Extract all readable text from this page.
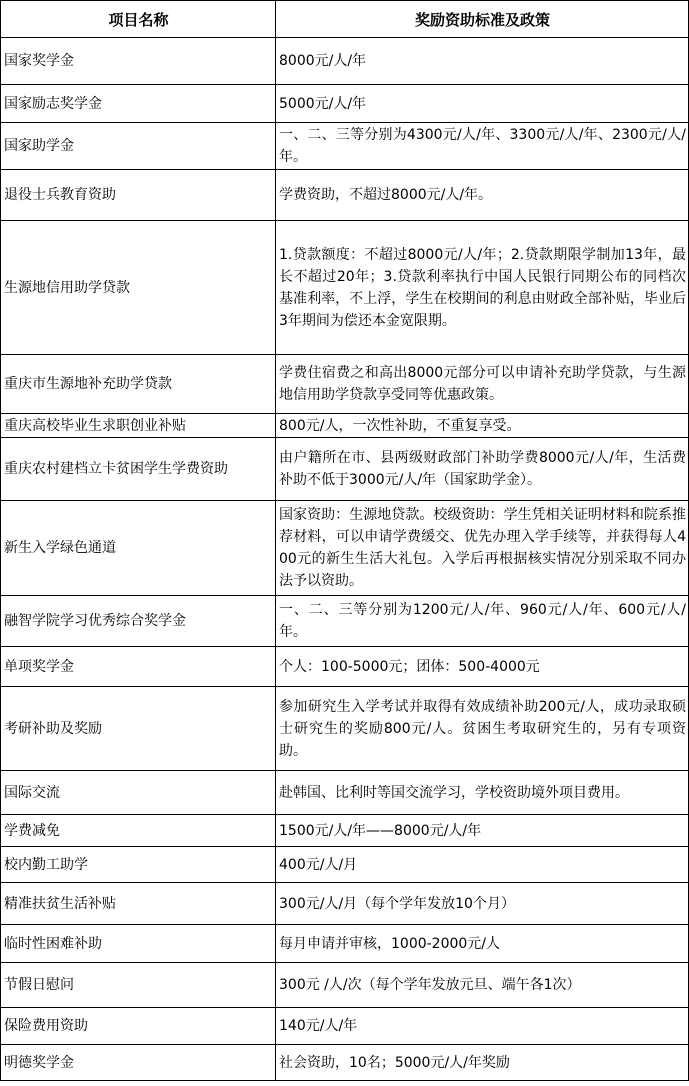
项目名称	奖励资助标准及政策
国家奖学金	8000元/人/年
国家励志奖学金	5000元/人/年
国家助学金	一、二、三等分别为4300元/人/年、3300元/人/年、2300元/人/年。
退役士兵教育资助	学费资助，不超过8000元/人/年。
生源地信用助学贷款	1.贷款额度：不超过8000元/人/年；2.贷款期限学制加13年，最长不超过20年；3.贷款利率执行中国人民银行同期公布的同档次基准利率，不上浮，学生在校期间的利息由财政全部补贴，毕业后3年期间为偿还本金宽限期。
重庆市生源地补充助学贷款	学费住宿费之和高出8000元部分可以申请补充助学贷款，与生源地信用助学贷款享受同等优惠政策。
重庆高校毕业生求职创业补贴	800元/人，一次性补助，不重复享受。
重庆农村建档立卡贫困学生学费资助	由户籍所在市、县两级财政部门补助学费8000元/人/年，生活费补助不低于3000元/人/年（国家助学金）。
新生入学绿色通道	国家资助：生源地贷款。校级资助：学生凭相关证明材料和院系推荐材料，可以申请学费缓交、优先办理入学手续等，并获得每人400元的新生生活大礼包。入学后再根据核实情况分别采取不同办法予以资助。
融智学院学习优秀综合奖学金	一、二、三等分别为1200元/人/年、960元/人/年、600元/人/年。
单项奖学金	个人：100-5000元；团体：500-4000元
考研补助及奖励	参加研究生入学考试并取得有效成绩补助200元/人，成功录取硕士研究生的奖励800元/人。贫困生考取研究生的，另有专项资助。
国际交流	赴韩国、比利时等国交流学习，学校资助境外项目费用。
学费减免	1500元/人/年——8000元/人/年
校内勤工助学	400元/人/月
精准扶贫生活补贴	300元/人/月（每个学年发放10个月）
临时性困难补助	每月申请并审核，1000-2000元/人
节假日慰问	300元 /人/次（每个学年发放元旦、端午各1次）
保险费用资助	140元/人/年
明德奖学金	社会资助，10名；5000元/人/年奖励
